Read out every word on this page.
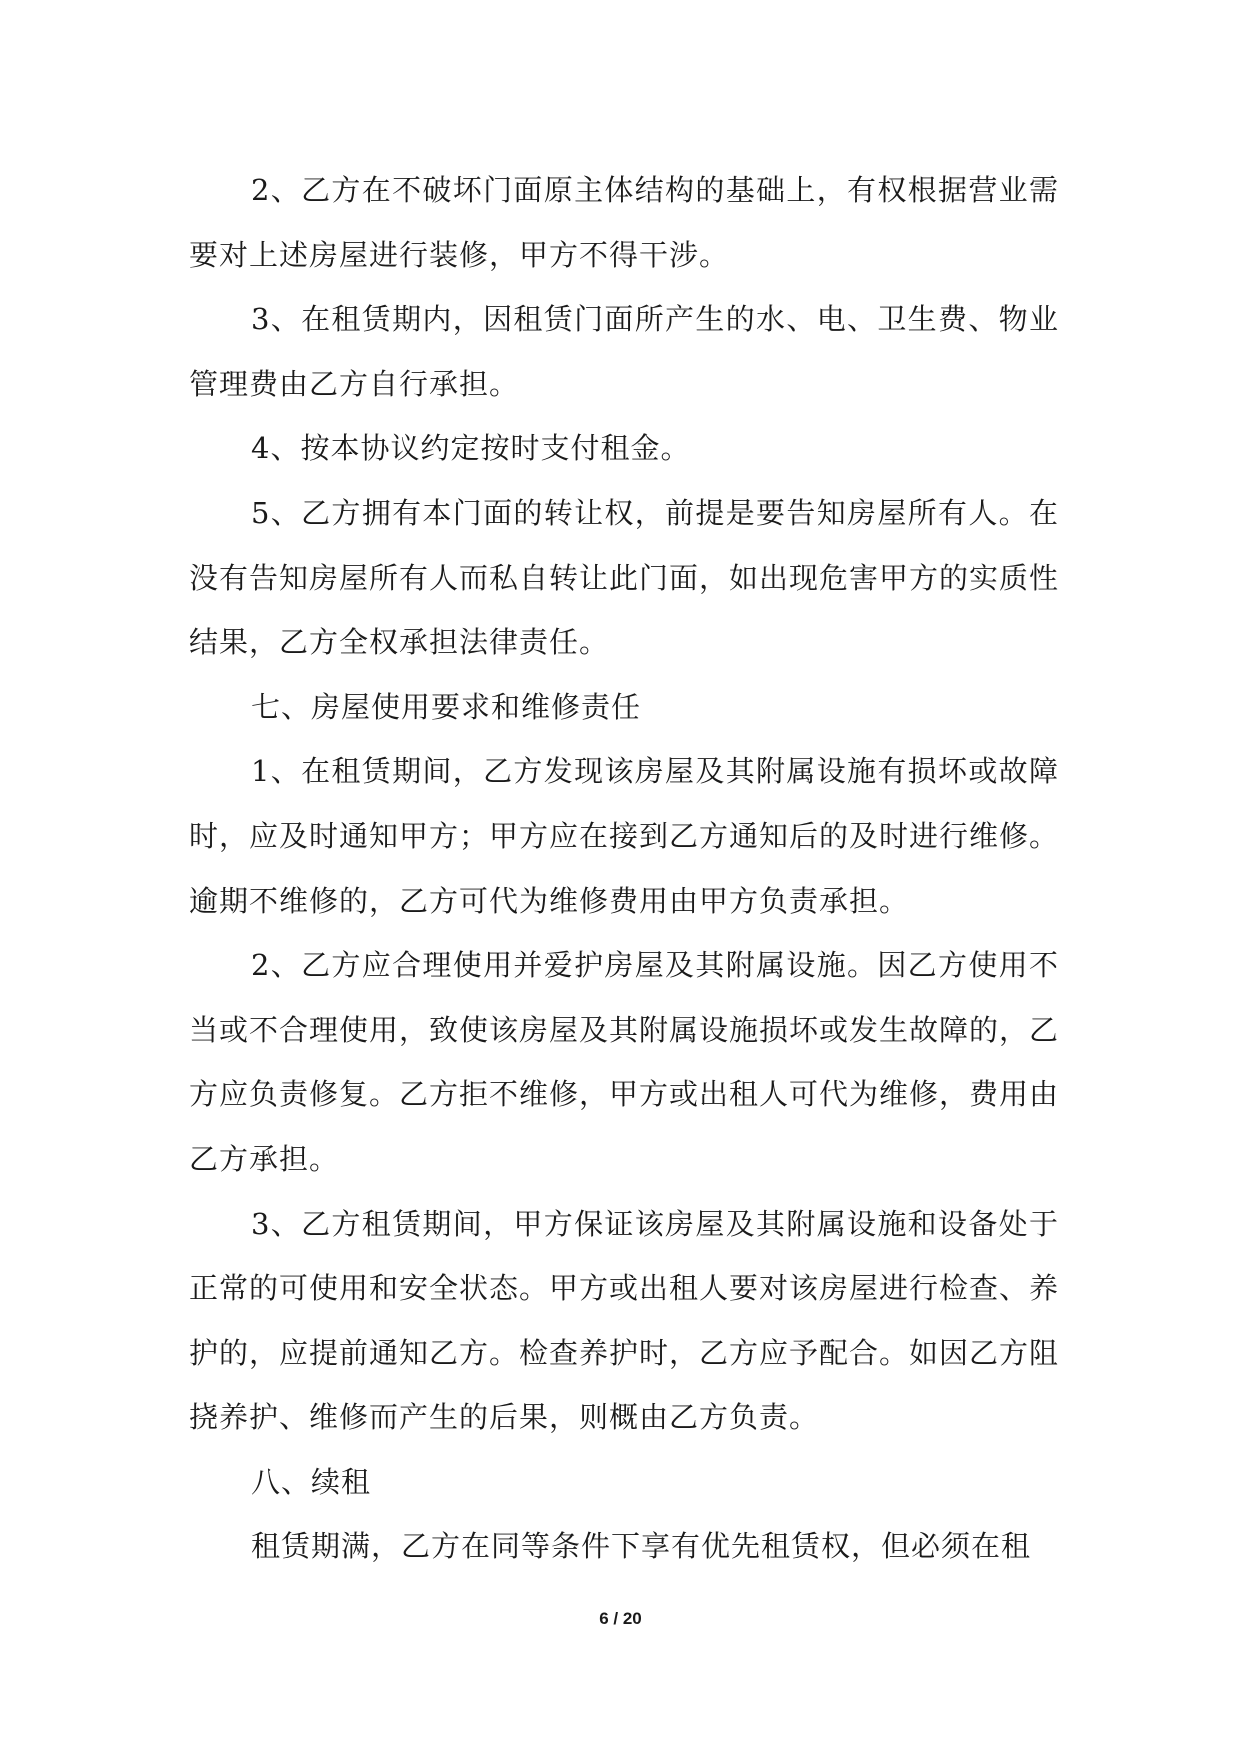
2、乙方在不破坏门面原主体结构的基础上，有权根据营业需要对上述房屋进行装修，甲方不得干涉。

3、在租赁期内，因租赁门面所产生的水、电、卫生费、物业管理费由乙方自行承担。

4、按本协议约定按时支付租金。

5、乙方拥有本门面的转让权，前提是要告知房屋所有人。在没有告知房屋所有人而私自转让此门面，如出现危害甲方的实质性结果，乙方全权承担法律责任。

七、房屋使用要求和维修责任

1、在租赁期间，乙方发现该房屋及其附属设施有损坏或故障时，应及时通知甲方；甲方应在接到乙方通知后的及时进行维修。逾期不维修的，乙方可代为维修费用由甲方负责承担。

2、乙方应合理使用并爱护房屋及其附属设施。因乙方使用不当或不合理使用，致使该房屋及其附属设施损坏或发生故障的，乙方应负责修复。乙方拒不维修，甲方或出租人可代为维修，费用由乙方承担。

3、乙方租赁期间，甲方保证该房屋及其附属设施和设备处于正常的可使用和安全状态。甲方或出租人要对该房屋进行检查、养护的，应提前通知乙方。检查养护时，乙方应予配合。如因乙方阻挠养护、维修而产生的后果，则概由乙方负责。

八、续租

租赁期满，乙方在同等条件下享有优先租赁权，但必须在租

6 / 20
